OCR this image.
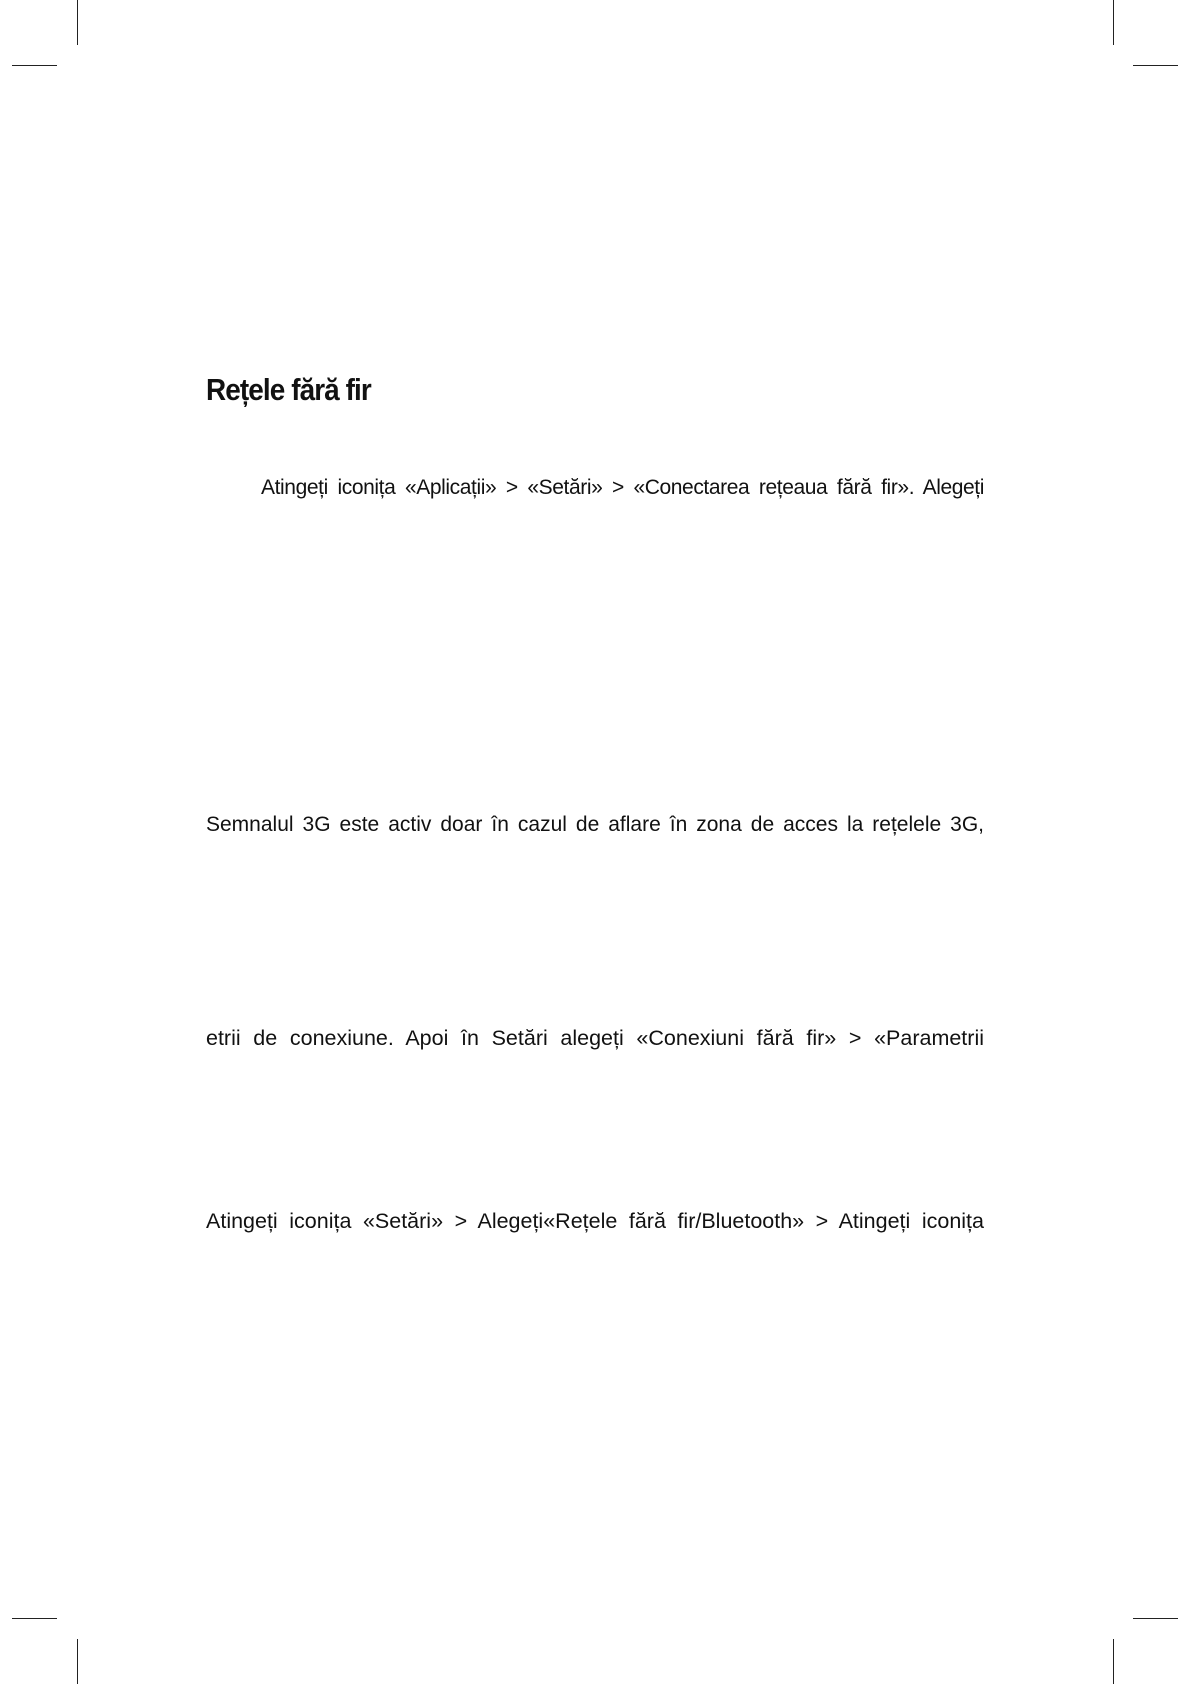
Rețele fără fir
Atingeți iconița «Aplicații» > «Setări» > «Conectarea rețeaua fără fir». Alegeți
Semnalul 3G este activ doar în cazul de aflare în zona de acces la rețelele 3G,
etrii de conexiune. Apoi în Setări alegeți «Conexiuni fără fir» > «Parametrii
Atingeți iconița «Setări» > Alegeți«Rețele fără fir/Bluetooth» > Atingeți iconița
